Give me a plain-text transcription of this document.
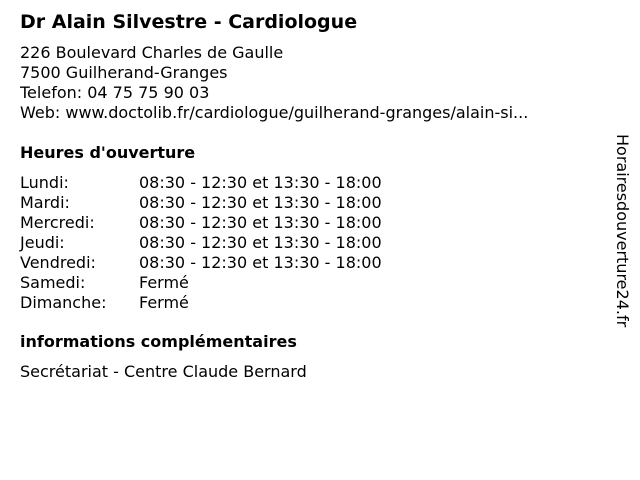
Dr Alain Silvestre - Cardiologue
226 Boulevard Charles de Gaulle
7500 Guilherand-Granges
Telefon: 04 75 75 90 03
Web: www.doctolib.fr/cardiologue/guilherand-granges/alain-si...
Heures d'ouverture
Lundi:	08:30 - 12:30 et 13:30 - 18:00
Mardi:	08:30 - 12:30 et 13:30 - 18:00
Mercredi:	08:30 - 12:30 et 13:30 - 18:00
Jeudi:	08:30 - 12:30 et 13:30 - 18:00
Vendredi:	08:30 - 12:30 et 13:30 - 18:00
Samedi:	Fermé
Dimanche:	Fermé
informations complémentaires
Secrétariat - Centre Claude Bernard
Horairesdouverture24.fr
